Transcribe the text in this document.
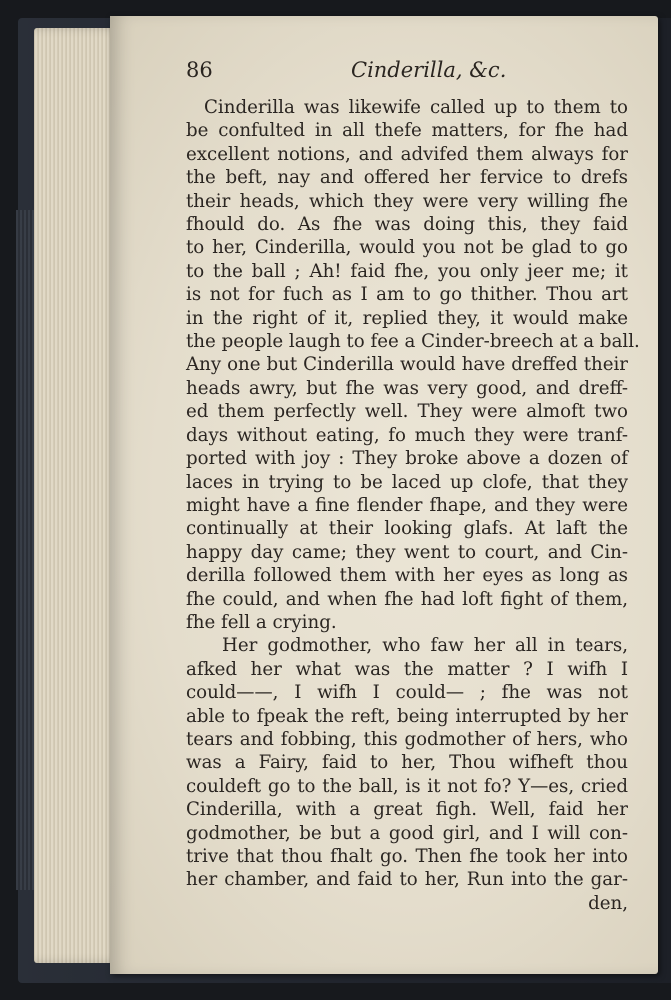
86	Cinderilla, &c.
Cinderilla was likewife called up to them to
be confulted in all thefe matters, for fhe had
excellent notions, and advifed them always for
the beft, nay and offered her fervice to drefs
their heads, which they were very willing fhe
fhould do. As fhe was doing this, they faid
to her, Cinderilla, would you not be glad to go
to the ball ; Ah! faid fhe, you only jeer me; it
is not for fuch as I am to go thither. Thou art
in the right of it, replied they, it would make
the people laugh to fee a Cinder-breech at a ball.
Any one but Cinderilla would have dreffed their
heads awry, but fhe was very good, and dreff-
ed them perfectly well. They were almoft two
days without eating, fo much they were tranf-
ported with joy : They broke above a dozen of
laces in trying to be laced up clofe, that they
might have a fine flender fhape, and they were
continually at their looking glafs. At laft the
happy day came; they went to court, and Cin-
derilla followed them with her eyes as long as
fhe could, and when fhe had loft fight of them,
fhe fell a crying.
Her godmother, who faw her all in tears,
afked her what was the matter ? I wifh I
could——, I wifh I could— ; fhe was not
able to fpeak the reft, being interrupted by her
tears and fobbing, this godmother of hers, who
was a Fairy, faid to her, Thou wifheft thou
couldeft go to the ball, is it not fo? Y—es, cried
Cinderilla, with a great figh. Well, faid her
godmother, be but a good girl, and I will con-
trive that thou fhalt go. Then fhe took her into
her chamber, and faid to her, Run into the gar-
den,
